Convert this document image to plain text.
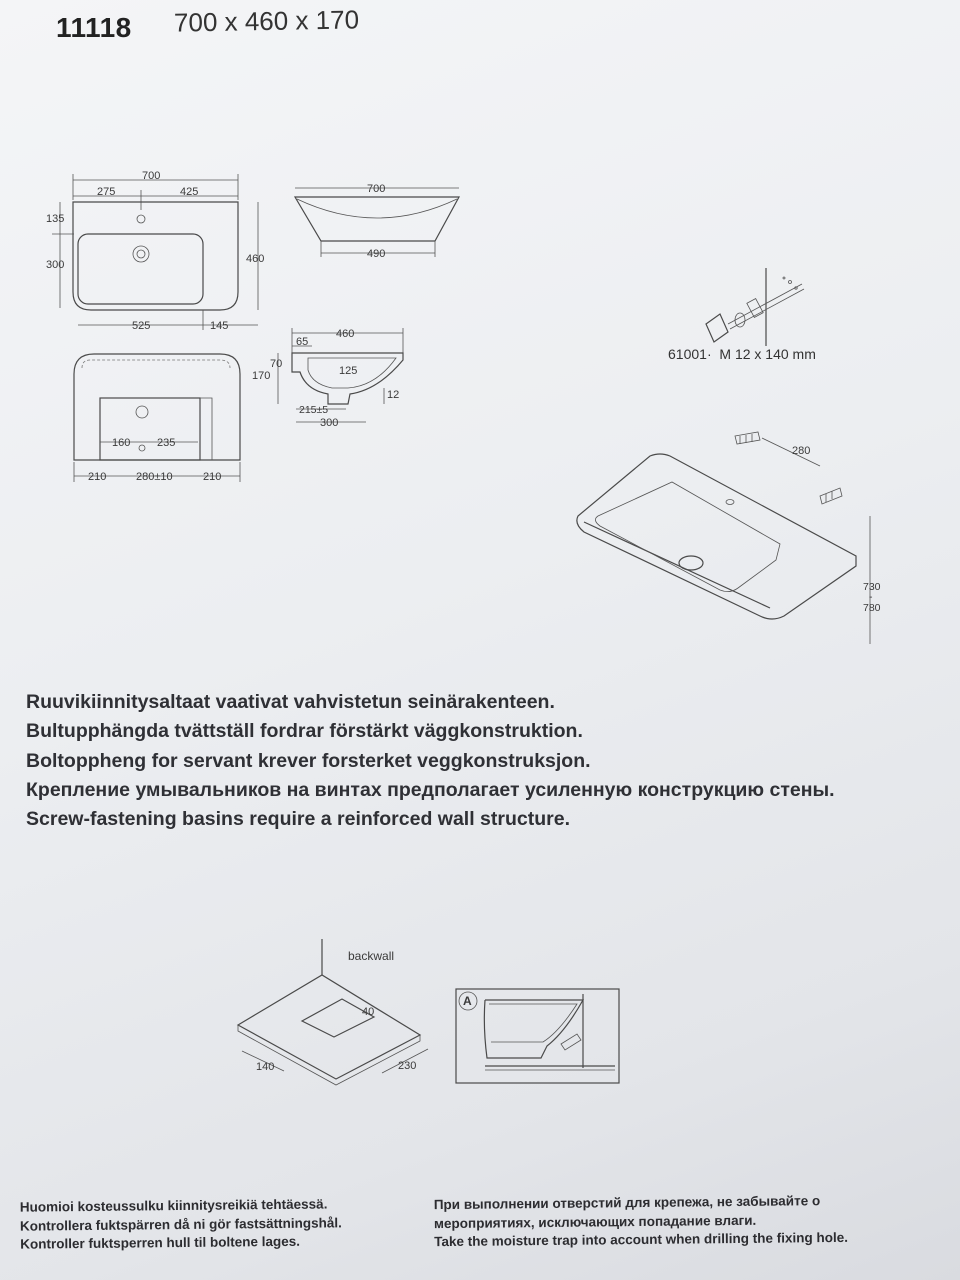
11118 700 x 460 x 170
700
275	425
135
300	460
525	145
700
490
460
65
70
170	125
12
215±5
300
160 235
210	280±10	210
61001·  M 12 x 140 mm
280
730
-
780
Ruuvikiinnitysaltaat vaativat vahvistetun seinärakenteen.
Bultupphängda tvättställ fordrar förstärkt väggkonstruktion.
Boltoppheng for servant krever forsterket veggkonstruksjon.
Крепление умывальников на винтах предполагает усиленную конструкцию стены.
Screw-fastening basins require a reinforced wall structure.
backwall
40
140	230
A
Huomioi kosteussulku kiinnitysreikiä tehtäessä.
Kontrollera fuktspärren då ni gör fastsättningshål.
Kontroller fuktsperren hull til boltene lages.
При выполнении отверстий для крепежа, не забывайте о
мероприятиях, исключающих попадание влаги.
Take the moisture trap into account when drilling the fixing hole.
